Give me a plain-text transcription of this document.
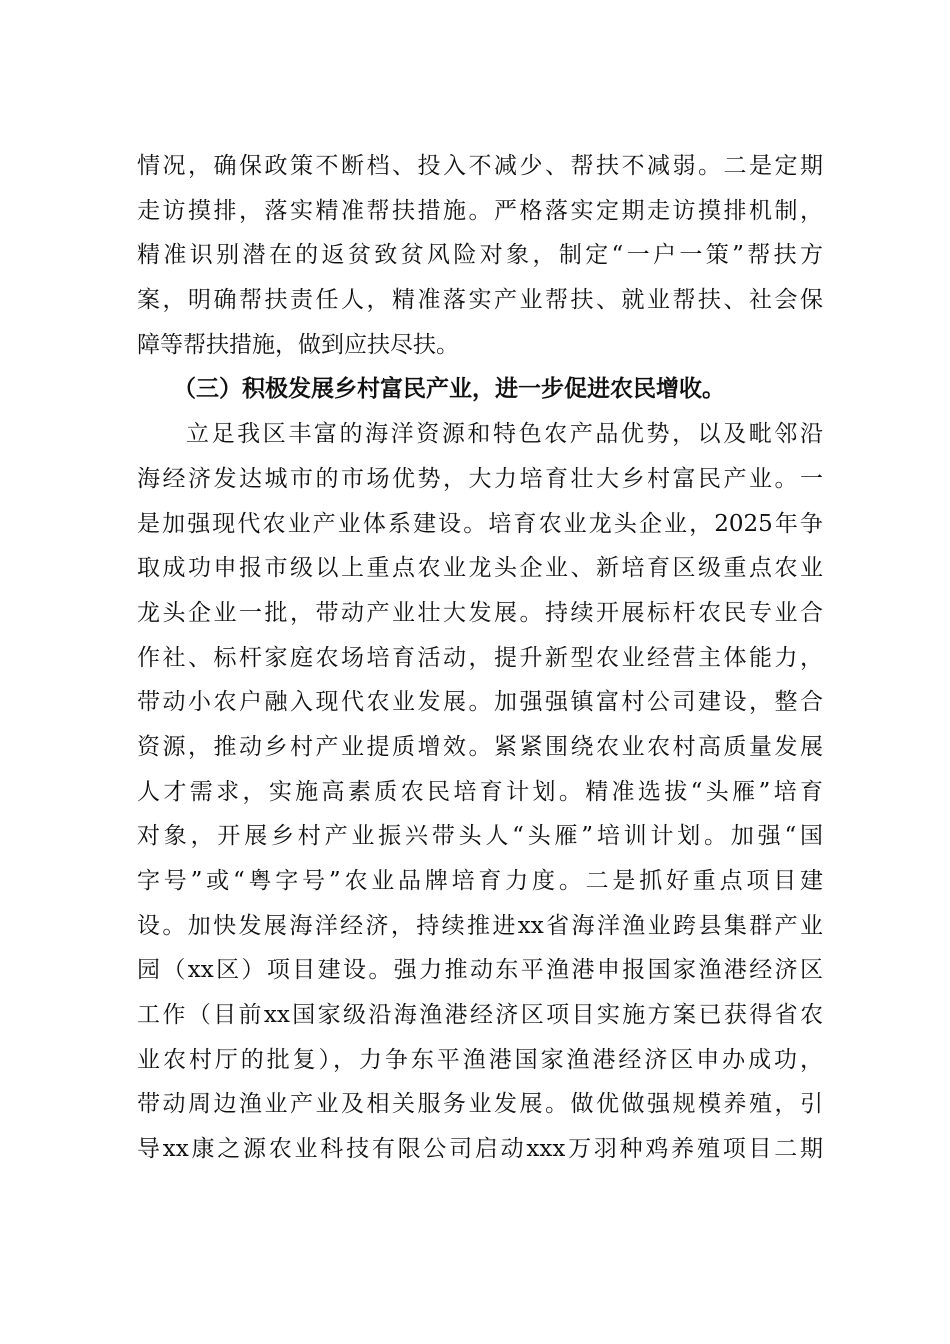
情况，确保政策不断档、投入不减少、帮扶不减弱。二是定期
走访摸排，落实精准帮扶措施。严格落实定期走访摸排机制，
精准识别潜在的返贫致贫风险对象，制定“一户一策”帮扶方
案，明确帮扶责任人，精准落实产业帮扶、就业帮扶、社会保
障等帮扶措施，做到应扶尽扶。
（三）积极发展乡村富民产业，进一步促进农民增收。
立足我区丰富的海洋资源和特色农产品优势，以及毗邻沿
海经济发达城市的市场优势，大力培育壮大乡村富民产业。一
是加强现代农业产业体系建设。培育农业龙头企业，2025年争
取成功申报市级以上重点农业龙头企业、新培育区级重点农业
龙头企业一批，带动产业壮大发展。持续开展标杆农民专业合
作社、标杆家庭农场培育活动，提升新型农业经营主体能力，
带动小农户融入现代农业发展。加强强镇富村公司建设，整合
资源，推动乡村产业提质增效。紧紧围绕农业农村高质量发展
人才需求，实施高素质农民培育计划。精准选拔“头雁”培育
对象，开展乡村产业振兴带头人“头雁”培训计划。加强“国
字号”或“粤字号”农业品牌培育力度。二是抓好重点项目建
设。加快发展海洋经济，持续推进xx省海洋渔业跨县集群产业
园（xx区）项目建设。强力推动东平渔港申报国家渔港经济区
工作（目前xx国家级沿海渔港经济区项目实施方案已获得省农
业农村厅的批复），力争东平渔港国家渔港经济区申办成功，
带动周边渔业产业及相关服务业发展。做优做强规模养殖，引
导xx康之源农业科技有限公司启动xxx万羽种鸡养殖项目二期
